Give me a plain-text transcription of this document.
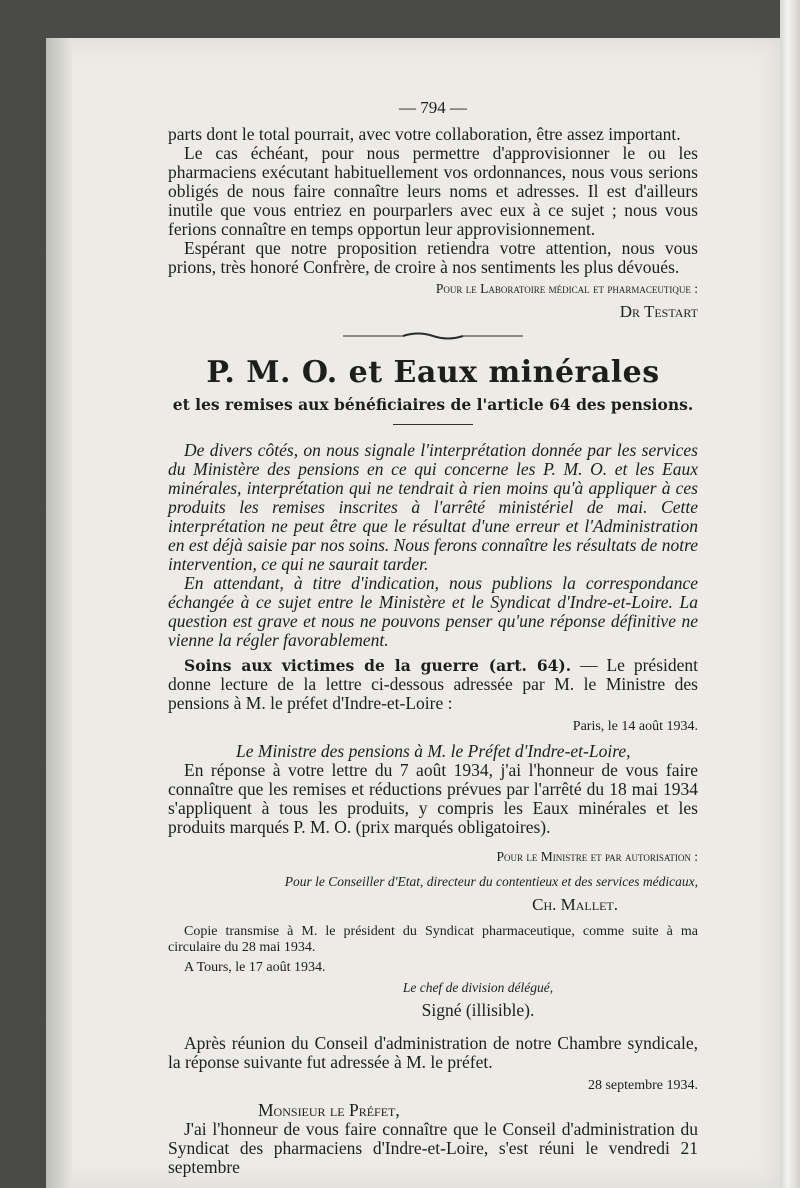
— 794 —

parts dont le total pourrait, avec votre collaboration, être assez important.

Le cas échéant, pour nous permettre d'approvisionner le ou les pharmaciens exécutant habituellement vos ordonnances, nous vous serions obligés de nous faire connaître leurs noms et adresses. Il est d'ailleurs inutile que vous entriez en pourparlers avec eux à ce sujet ; nous vous ferions connaître en temps opportun leur approvisionnement.

Espérant que notre proposition retiendra votre attention, nous vous prions, très honoré Confrère, de croire à nos sentiments les plus dévoués.

Pour le Laboratoire médical et pharmaceutique :
Dr Testart
P. M. O. et Eaux minérales
et les remises aux bénéficiaires de l'article 64 des pensions.

De divers côtés, on nous signale l'interprétation donnée par les services du Ministère des pensions en ce qui concerne les P. M. O. et les Eaux minérales, interprétation qui ne tendrait à rien moins qu'à appliquer à ces produits les remises inscrites à l'arrêté ministériel de mai. Cette interprétation ne peut être que le résultat d'une erreur et l'Administration en est déjà saisie par nos soins. Nous ferons connaître les résultats de notre intervention, ce qui ne saurait tarder.

En attendant, à titre d'indication, nous publions la correspondance échangée à ce sujet entre le Ministère et le Syndicat d'Indre-et-Loire. La question est grave et nous ne pouvons penser qu'une réponse définitive ne vienne la régler favorablement.

Soins aux victimes de la guerre (art. 64). — Le président donne lecture de la lettre ci-dessous adressée par M. le Ministre des pensions à M. le préfet d'Indre-et-Loire :

Paris, le 14 août 1934.

Le Ministre des pensions à M. le Préfet d'Indre-et-Loire,

En réponse à votre lettre du 7 août 1934, j'ai l'honneur de vous faire connaître que les remises et réductions prévues par l'arrêté du 18 mai 1934 s'appliquent à tous les produits, y compris les Eaux minérales et les produits marqués P. M. O. (prix marqués obligatoires).

Pour le Ministre et par autorisation :
Pour le Conseiller d'Etat, directeur du contentieux et des services médicaux,
Ch. Mallet.

Copie transmise à M. le président du Syndicat pharmaceutique, comme suite à ma circulaire du 28 mai 1934.

A Tours, le 17 août 1934.

Le chef de division délégué,
Signé (illisible).

Après réunion du Conseil d'administration de notre Chambre syndicale, la réponse suivante fut adressée à M. le préfet.

28 septembre 1934.

Monsieur le Préfet,

J'ai l'honneur de vous faire connaître que le Conseil d'administration du Syndicat des pharmaciens d'Indre-et-Loire, s'est réuni le vendredi 21 septembre
